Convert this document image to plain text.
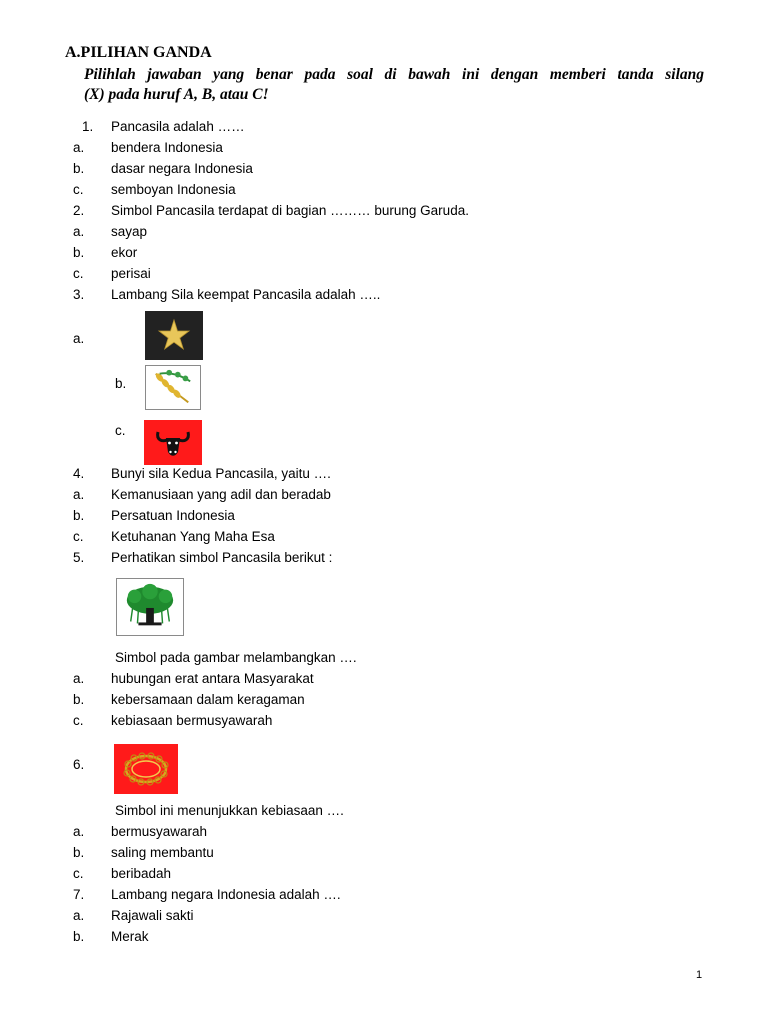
A.PILIHAN GANDA
Pilihlah jawaban yang benar pada soal di bawah ini dengan memberi tanda silang
(X) pada huruf A, B, atau C!
1. Pancasila adalah ……
a. bendera Indonesia
b. dasar negara Indonesia
c. semboyan Indonesia
2. Simbol Pancasila terdapat di bagian ……… burung Garuda.
a. sayap
b. ekor
c. perisai
3. Lambang Sila keempat Pancasila adalah …..
a.
b.
c.
4. Bunyi sila Kedua Pancasila, yaitu ….
a. Kemanusiaan yang adil dan beradab
b. Persatuan Indonesia
c. Ketuhanan Yang Maha Esa
5. Perhatikan simbol Pancasila berikut :
Simbol pada gambar melambangkan ….
a. hubungan erat antara Masyarakat
b. kebersamaan dalam keragaman
c. kebiasaan bermusyawarah
6.
Simbol ini menunjukkan kebiasaan ….
a. bermusyawarah
b. saling membantu
c. beribadah
7. Lambang negara Indonesia adalah ….
a. Rajawali sakti
b. Merak
1
